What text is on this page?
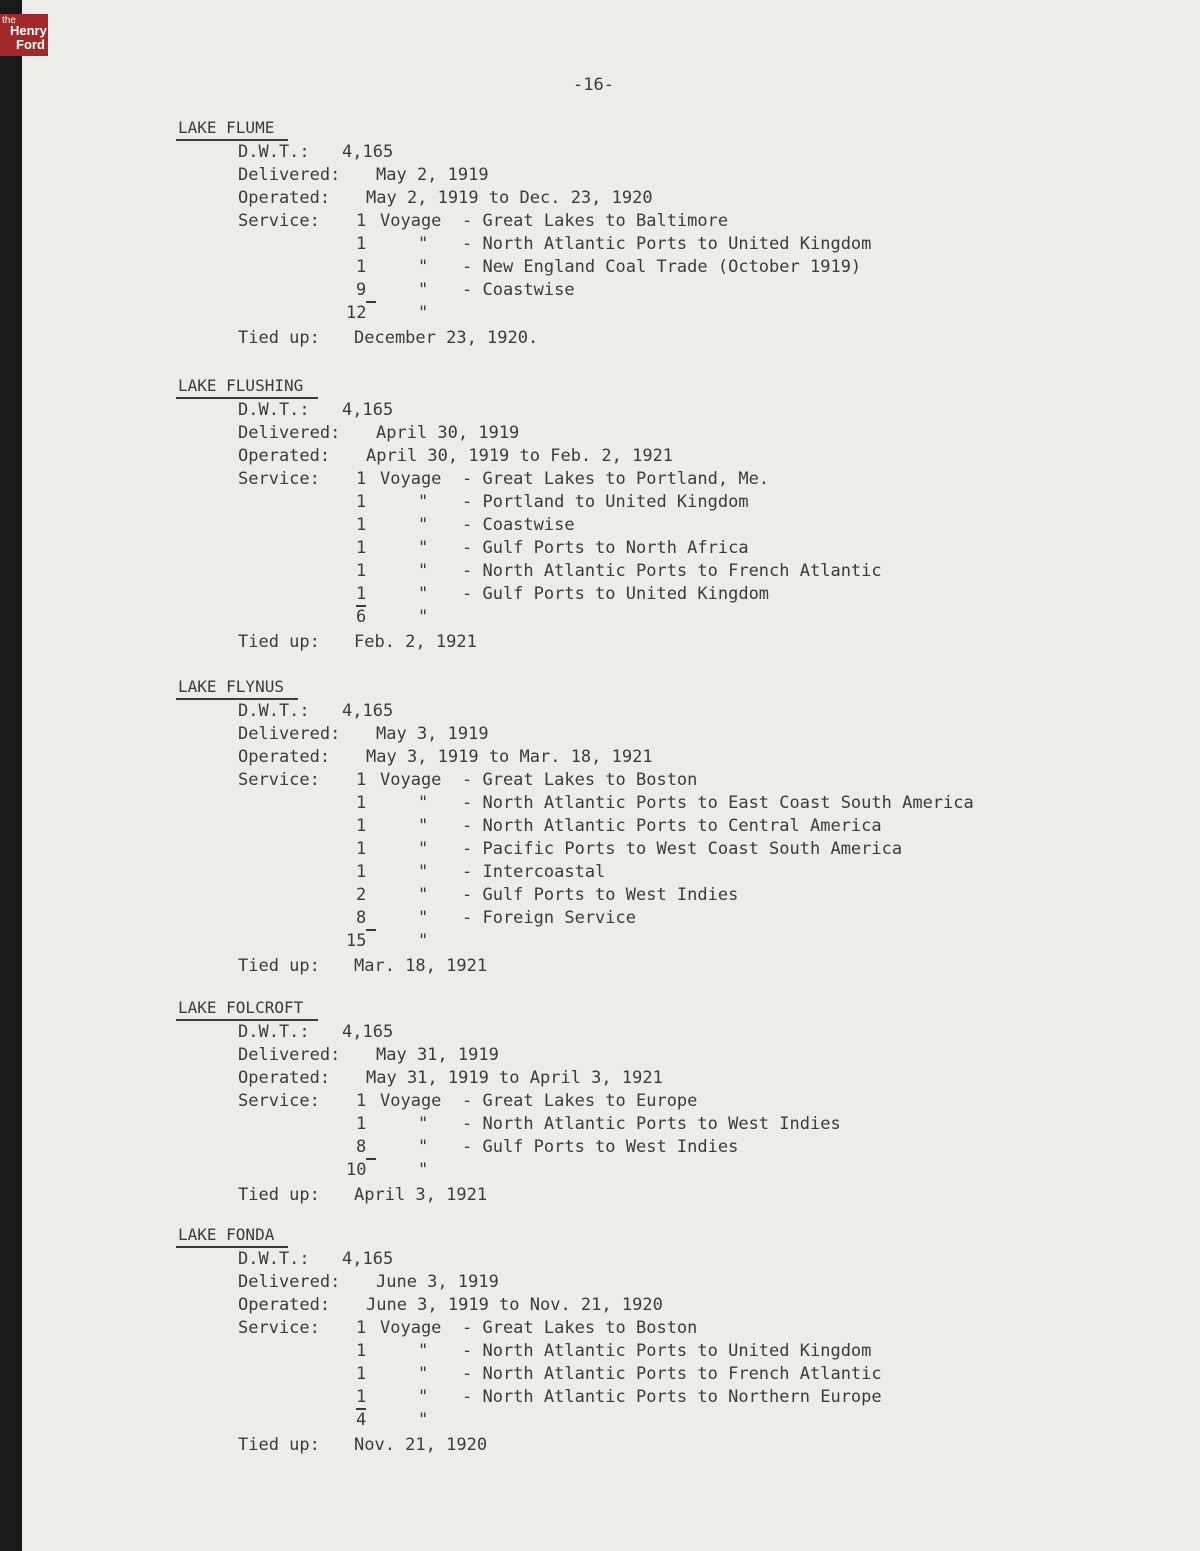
-16-
LAKE FLUME
D.W.T.: 4,165
Delivered: May 2, 1919
Operated: May 2, 1919 to Dec. 23, 1920
Service: 1 Voyage - Great Lakes to Baltimore
1	" - North Atlantic Ports to United Kingdom
1	" - New England Coal Trade (October 1919)
9	" - Coastwise
12	"
Tied up: December 23, 1920.
LAKE FLUSHING
D.W.T.: 4,165
Delivered: April 30, 1919
Operated: April 30, 1919 to Feb. 2, 1921
Service: 1 Voyage - Great Lakes to Portland, Me.
1	" - Portland to United Kingdom
1	" - Coastwise
1	" - Gulf Ports to North Africa
1	" - North Atlantic Ports to French Atlantic
1	" - Gulf Ports to United Kingdom
6	"
Tied up: Feb. 2, 1921
LAKE FLYNUS
D.W.T.: 4,165
Delivered: May 3, 1919
Operated: May 3, 1919 to Mar. 18, 1921
Service: 1 Voyage - Great Lakes to Boston
1	" - North Atlantic Ports to East Coast South America
1	" - North Atlantic Ports to Central America
1	" - Pacific Ports to West Coast South America
1	" - Intercoastal
2	" - Gulf Ports to West Indies
8	" - Foreign Service
15	"
Tied up: Mar. 18, 1921
LAKE FOLCROFT
D.W.T.: 4,165
Delivered: May 31, 1919
Operated: May 31, 1919 to April 3, 1921
Service: 1 Voyage - Great Lakes to Europe
1	" - North Atlantic Ports to West Indies
8	" - Gulf Ports to West Indies
10	"
Tied up: April 3, 1921
LAKE FONDA
D.W.T.: 4,165
Delivered: June 3, 1919
Operated: June 3, 1919 to Nov. 21, 1920
Service: 1 Voyage - Great Lakes to Boston
1	" - North Atlantic Ports to United Kingdom
1	" - North Atlantic Ports to French Atlantic
1	" - North Atlantic Ports to Northern Europe
4	"
Tied up: Nov. 21, 1920
the
Henry
Ford
